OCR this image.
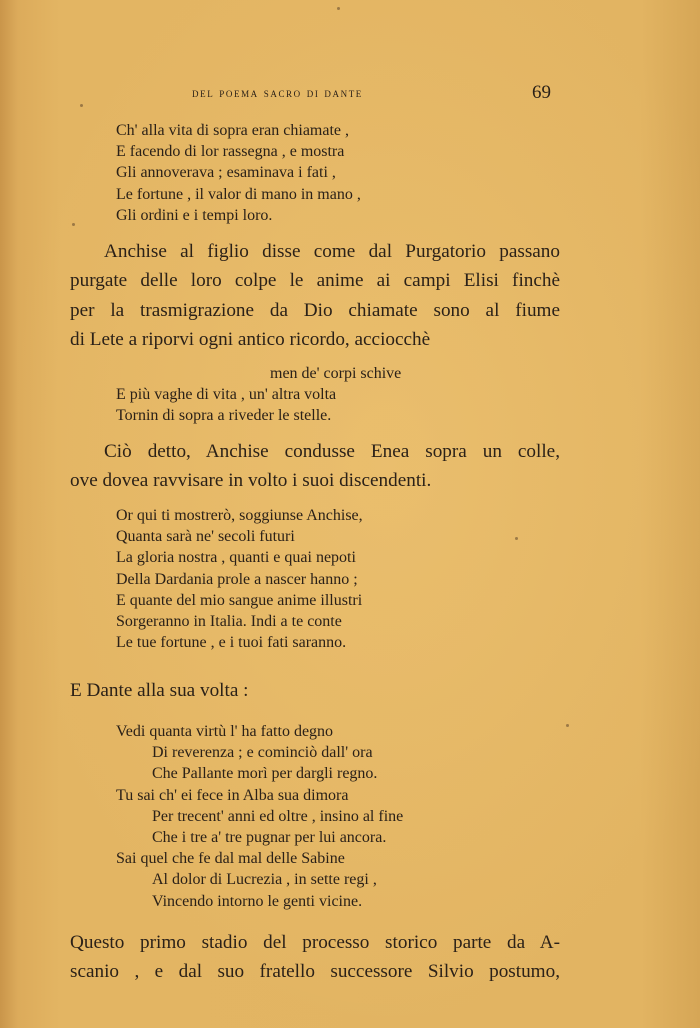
del poema sacro di dante	69
Ch' alla vita di sopra eran chiamate ,
E facendo di lor rassegna , e mostra
Gli annoverava ; esaminava i fati ,
Le fortune , il valor di mano in mano ,
Gli ordini e i tempi loro.
Anchise al figlio disse come dal Purgatorio passano
purgate delle loro colpe le anime ai campi Elisi finchè
per la trasmigrazione da Dio chiamate sono al fiume
di Lete a riporvi ogni antico ricordo, acciocchè
men de' corpi schive
E più vaghe di vita , un' altra volta
Tornin di sopra a riveder le stelle.
Ciò detto, Anchise condusse Enea sopra un colle,
ove dovea ravvisare in volto i suoi discendenti.
Or qui ti mostrerò, soggiunse Anchise,
Quanta sarà ne' secoli futuri
La gloria nostra , quanti e quai nepoti
Della Dardania prole a nascer hanno ;
E quante del mio sangue anime illustri
Sorgeranno in Italia. Indi a te conte
Le tue fortune , e i tuoi fati saranno.
E Dante alla sua volta :
Vedi quanta virtù l' ha fatto degno
Di reverenza ; e cominciò dall' ora
Che Pallante morì per dargli regno.
Tu sai ch' ei fece in Alba sua dimora
Per trecent' anni ed oltre , insino al fine
Che i tre a' tre pugnar per lui ancora.
Sai quel che fe dal mal delle Sabine
Al dolor di Lucrezia , in sette regi ,
Vincendo intorno le genti vicine.
Questo primo stadio del processo storico parte da A-
scanio , e dal suo fratello successore Silvio postumo,
